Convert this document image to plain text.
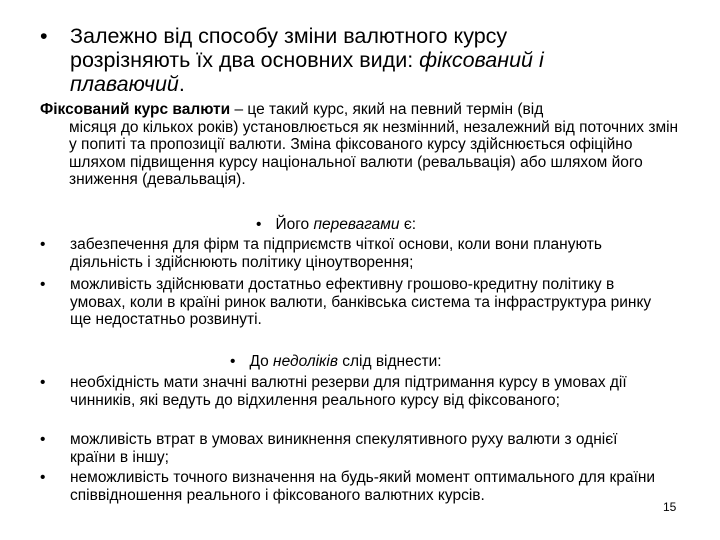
• Залежно від способу зміни валютного курсу розрізняють їх два основних види: фіксований і плаваючий.
Фіксований курс валюти – це такий курс, який на певний термін (від
місяця до кількох років) установлюється як незмінний, незалежний від поточних змін у попиті та пропозиції валюти. Зміна фіксованого курсу здійснюється офіційно шляхом підвищення курсу національної валюти (ревальвація) або шляхом його зниження (девальвація).
• Його перевагами є:
• забезпечення для фірм та підприємств чіткої основи, коли вони планують діяльність і здійснюють політику ціноутворення;
• можливість здійснювати достатньо ефективну грошово-кредитну політику в умовах, коли в країні ринок валюти, банківська система та інфраструктура ринку ще недостатньо розвинуті.
• До недоліків слід віднести:
• необхідність мати значні валютні резерви для підтримання курсу в умовах дії чинників, які ведуть до відхилення реального курсу від фіксованого;
• можливість втрат в умовах виникнення спекулятивного руху валюти з однієї країни в іншу;
• неможливість точного визначення на будь-який момент оптимального для країни співвідношення реального і фіксованого валютних курсів.
15
